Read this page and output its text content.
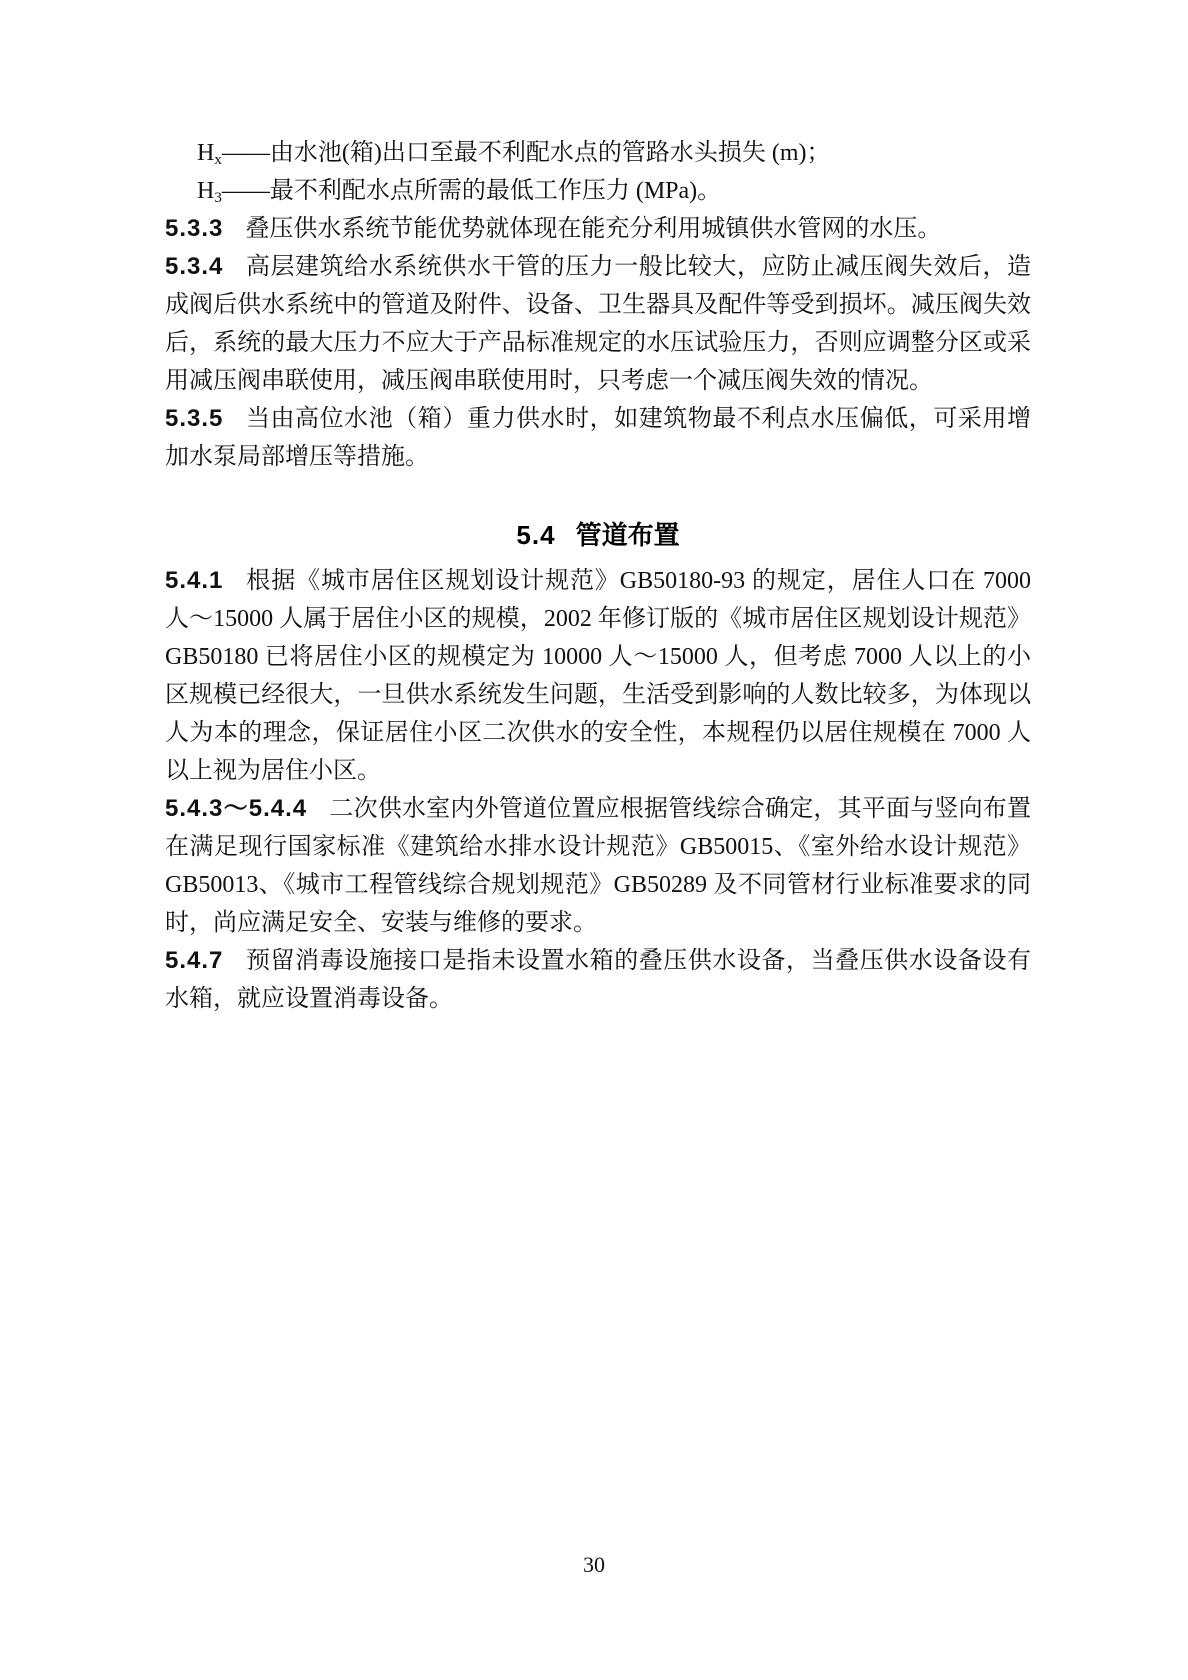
$H_x——$由水池(箱)出口至最不利配水点的管路水头损失 (m)；

$H_3——$最不利配水点所需的最低工作压力 (MPa)。

5.3.3 叠压供水系统节能优势就体现在能充分利用城镇供水管网的水压。

5.3.4 高层建筑给水系统供水干管的压力一般比较大，应防止减压阀失效后，造成阀后供水系统中的管道及附件、设备、卫生器具及配件等受到损坏。减压阀失效后，系统的最大压力不应大于产品标准规定的水压试验压力，否则应调整分区或采用减压阀串联使用，减压阀串联使用时，只考虑一个减压阀失效的情况。

5.3.5 当由高位水池（箱）重力供水时，如建筑物最不利点水压偏低，可采用增加水泵局部增压等措施。

5.4 管道布置

5.4.1 根据《城市居住区规划设计规范》GB50180-93 的规定，居住人口在 7000 人～15000 人属于居住小区的规模，2002 年修订版的《城市居住区规划设计规范》GB50180 已将居住小区的规模定为 10000 人～15000 人，但考虑 7000 人以上的小区规模已经很大，一旦供水系统发生问题，生活受到影响的人数比较多，为体现以人为本的理念，保证居住小区二次供水的安全性，本规程仍以居住规模在 7000 人以上视为居住小区。

5.4.3～5.4.4 二次供水室内外管道位置应根据管线综合确定，其平面与竖向布置在满足现行国家标准《建筑给水排水设计规范》GB50015、《室外给水设计规范》GB50013、《城市工程管线综合规划规范》GB50289 及不同管材行业标准要求的同时，尚应满足安全、安装与维修的要求。

5.4.7 预留消毒设施接口是指未设置水箱的叠压供水设备，当叠压供水设备设有水箱，就应设置消毒设备。

30
